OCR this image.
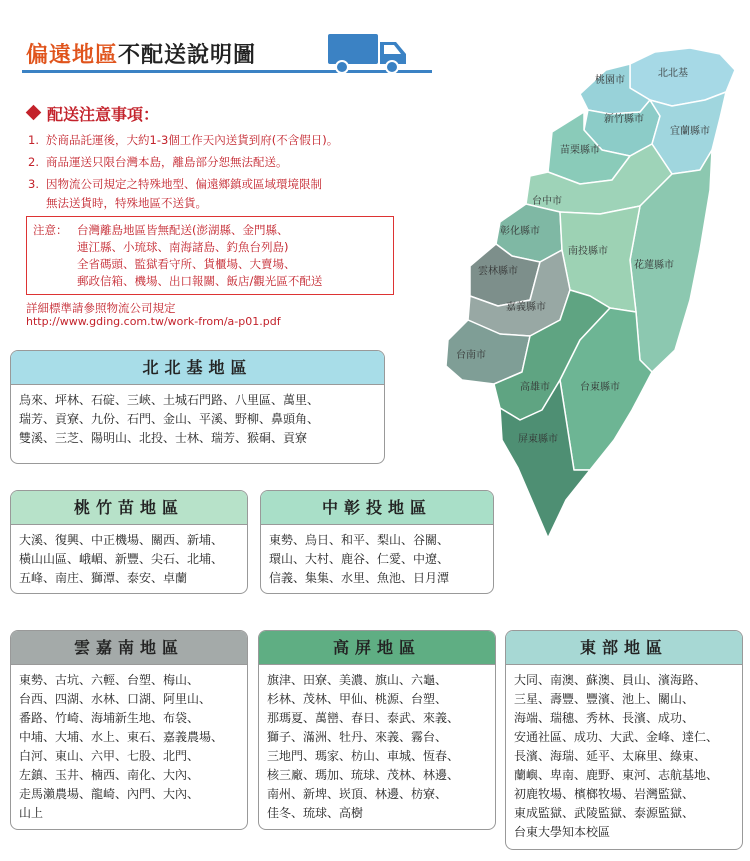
偏遠地區不配送說明圖
配送注意事項：
1. 於商品託運後，大約1-3個工作天內送貨到府(不含假日)。
2. 商品運送只限台灣本島，離島部分恕無法配送。
3. 因物流公司規定之特殊地型、偏遠鄉鎮或區域環境限制
無法送貨時，特殊地區不送貨。
注意： 台灣離島地區皆無配送(澎湖縣、金門縣、
連江縣、小琉球、南海諸島、釣魚台列島)
全省碼頭、監獄看守所、貨櫃場、大賣場、
郵政信箱、機場、出口報關、飯店/觀光區不配送
詳細標準請參照物流公司規定
http://www.gding.com.tw/work-from/a-p01.pdf
北北基
桃園市
新竹縣市
宜蘭縣市
苗栗縣市
台中市
彰化縣市
南投縣市
花蓮縣市
雲林縣市
嘉義縣市
台南市
高雄市	台東縣市
屏東縣市
北北基地區
烏來、坪林、石碇、三峽、土城石門路、八里區、萬里、
瑞芳、貢寮、九份、石門、金山、平溪、野柳、鼻頭角、
雙溪、三芝、陽明山、北投、士林、瑞芳、猴硐、貢寮
桃竹苗地區
大溪、復興、中正機場、關西、新埔、
橫山山區、峨嵋、新豐、尖石、北埔、
五峰、南庄、獅潭、泰安、卓蘭
中彰投地區
東勢、烏日、和平、梨山、谷關、
環山、大村、鹿谷、仁愛、中遼、
信義、集集、水里、魚池、日月潭
雲嘉南地區
東勢、古坑、六輕、台塑、梅山、
台西、四湖、水林、口湖、阿里山、
番路、竹崎、海埔新生地、布袋、
中埔、大埔、水上、東石、嘉義農場、
白河、東山、六甲、七股、北門、
左鎮、玉井、楠西、南化、大內、
走馬瀨農場、龍崎、內門、大內、
山上
高屏地區
旗津、田寮、美濃、旗山、六龜、
杉林、茂林、甲仙、桃源、台塑、
那瑪夏、萬巒、春日、泰武、來義、
獅子、滿洲、牡丹、來義、霧台、
三地門、瑪家、枋山、車城、恆春、
核三廠、瑪加、琉球、茂林、林邊、
南州、新埤、崁頂、林邊、枋寮、
佳冬、琉球、高樹
東部地區
大同、南澳、蘇澳、員山、濱海路、
三星、壽豐、豐濱、池上、關山、
海端、瑞穗、秀林、長濱、成功、
安通社區、成功、大武、金峰、達仁、
長濱、海瑞、延平、太麻里、綠東、
蘭嶼、卑南、鹿野、東河、志航基地、
初鹿牧場、檳榔牧場、岩灣監獄、
東成監獄、武陵監獄、泰源監獄、
台東大學知本校區
